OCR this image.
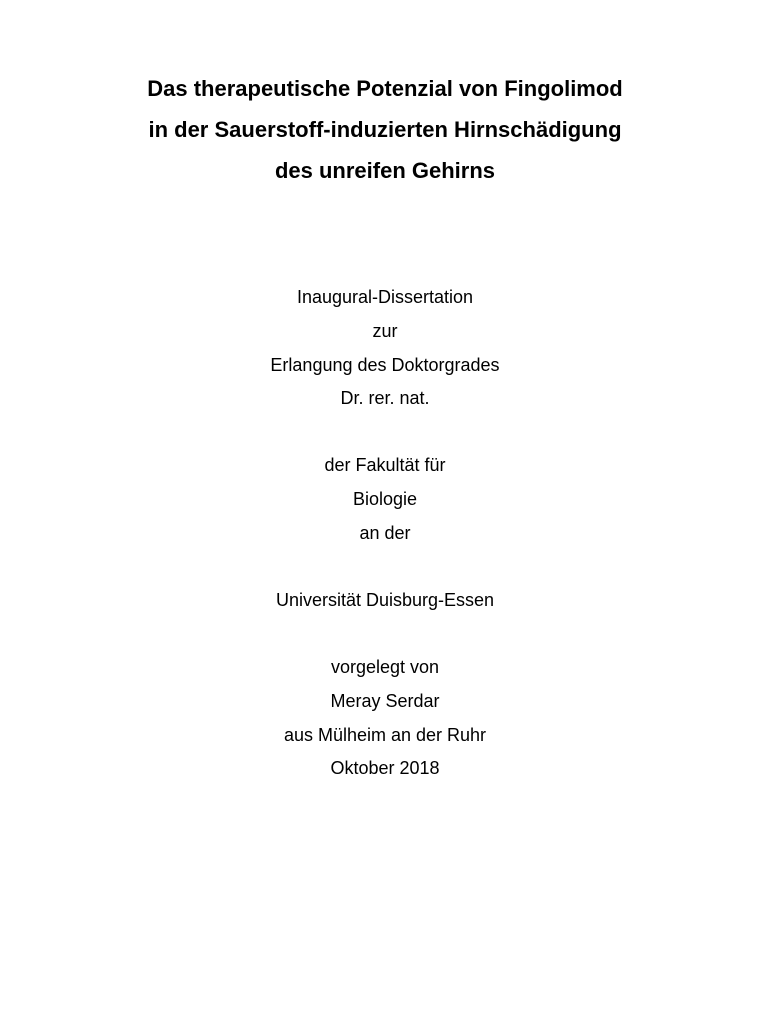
Das therapeutische Potenzial von Fingolimod
in der Sauerstoff-induzierten Hirnschädigung
des unreifen Gehirns
Inaugural-Dissertation
zur
Erlangung des Doktorgrades
Dr. rer. nat.
der Fakultät für
Biologie
an der
Universität Duisburg-Essen
vorgelegt von
Meray Serdar
aus Mülheim an der Ruhr
Oktober 2018
